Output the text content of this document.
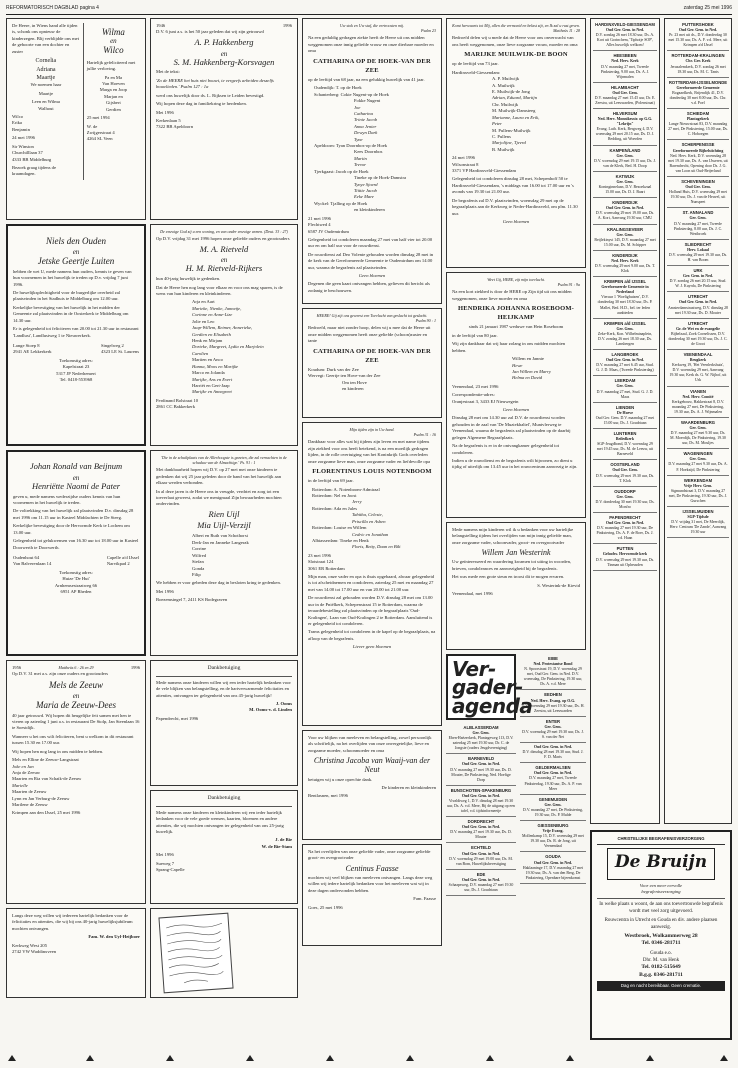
REFORMATORISCH DAGBLAD pagina 4	zaterdag 25 mei 1996

De Heere, in Wiens hand alle tijden is, schonk ons opnieuw de kinderzegen. Blij verblijdde ons met de geboorte van een dochter en zuster

Cornelia

Adriana

Maartje

We noemen haar

Maartje

Leen en Wilma

Walhout

Wilco

Erika

Benjamin

24 mei 1996

Sir Winston

Churchilllaan 37

4333 BB Middelburg

Bezoek graag tijdens de kraamdagen.

Wilma

en

Wilco

Hartelijk gefeliciteerd met jullie verloving.

Pa en Ma

Van Hoeven

Marga en Joop

Marjan en

Gijsbert

Gerdien

25 mei 1994

W. de

Zwijgerstraat 4

4264 SL Veen

Niels den Ouden

en

Jetske Geertje Luiten

hebben de wet U, mede namens hun ouders, kennis te geven van hun voornemen in het huwelijk te treden op D.v. vrijdag 7 juni 1996.

De huwelijksplechtigheid voor de burgerlijke overheid zal plaatsvinden in het Stadhuis te Middelburg om 12.00 uur.

Kerkelijke bevestiging van het huwelijk in het midden der Gemeente zal plaatsvinden in de Oosterkerk te Middelburg om 14.30 uur.

Er is gelegenheid tot feliciteren van 20.00 tot 21.30 uur in restaurant 'Landlust', Landlustweg 1 te Nieuwerkerk.

Lange Stoep 8

2941 AE Lekkerkerk

Singelweg 2

4323 LE St. Laurens

Toekomstig adres:

Kapelstraat 23

5317 JP Nederhemert

Tel. 0418-553968

Johan Ronald van Beijnum

en

Henriëtte Naomi de Pater

geven u, mede namens wederzijdse ouders kennis van hun voornemen in het huwelijk te treden.

De voltrekking van het huwelijk zal plaatsvinden D.v. dinsdag 28 mei 1996 om 11.15 uur in Kasteel Middachten te De Steeg.

Kerkelijke bevestiging door de Hervormde Kerk te Lochem om 13.00 uur.

Gelegenheid tot gelukwensen van 16.30 uur tot 18.00 uur in Kasteel Doorwerth te Doorwerth.

Oudenhout 64

Van Balverenlaan 14

Capelle a/d IJssel

Narvikpad 2

Toekomstig adres:

Huize 'De Hut'

Arnhemsestraatweg 66

6951 AP Rheden

1956	Mattheüs 6 : 26 en 29	1996

Op D.V. 31 mei a.s. zijn onze ouders en grootouders

Mels de Zeeuw

en

Maria de Zeeuw-Dees

40 jaar getrouwd. Wij hopen dit heugelijke feit samen met hen te vieren op zaterdag 1 juni a.s. in restaurant De Stolp, Jan Steenlaan 16 te Soestdijk.

Wanneer u het ons wilt feliciteren, bent u welkom in dit restaurant tussen 15.30 en 17.00 uur.

Wij hopen hen nog lang in ons midden te hebben.

Mels en Elline de Zeeuw-Langstraat

Joke en Jan

Anja de Zeeuw

Maarten en Ria van Schaik-de Zeeuw

Marielle

Maarten de Zeeuw

Lynn en Jan Verburg-de Zeeuw

Marilene de Zeeuw

Krimpen aan den IJssel, 25 mei 1996

Langs deze weg willen wij iedereen hartelijk bedanken voor de felicitaties en attenties, die wij bij ons 40-jarig huwelijksjubileum mochten ontvangen.

Fam. W. den Uyl-Heijboer

Kerkweg West 205

2742 VW Waddinxveen

1946	1996

D.V. 6 juni a.s. is het 50 jaar geleden dat wij zijn getrouwd

A. P. Hakkenberg

en

S. M. Hakkenberg-Korsvagen

Met de tekst:

'Zo de HEERE het huis niet bouwt, te vergeefs arbeiden deszelfs bouwlieden.' Psalm 127 : 1a

werd ons huwelijk door ds. L. Rijksen te Leiden bevestigd.

Wij hopen deze dag in familiekring te herdenken.

Mei 1996

Kerkenlaan 5

7322 BB Apeldoorn

De eeuwige God zij u een woning, en van onder eeuwige armen. (Deut. 33 : 27)

Op D.V. vrijdag 31 mei 1996 hopen onze geliefde ouders en grootouders

M. A. Rietveld

en

H. M. Rietveld-Rijkers

hun 40-jarig huwelijk te gedenken.

Dat de Heere hen nog lang voor elkaar en voor ons mag sparen, is de wens van hun kinderen en kleinkinderen.

Arja en Aart

Marieke, Nienke, Jannetje,

Corinne en Anne-Lize

Jolie en Leo

Jaap-Willem, Reimer, Annerieke,

Gerdien en Elisabeth

Henk en Mirjam

Dorieke, Margreet, Lydia en Marjolein

Carolien

Martien en Anco

Hanna, Moos en Marijke

Marco en Jolanda

Marijke, Ans en Evert

Harriët en Gert-Jaap

Marijke en Annegreet

Ferdinand Bolstraat 10

2861 CC Bakkerkerk

'Die in de schuilplaats van de Allerhoogste is gezeten, die zal vernachten in de schaduw van de Almachtige.' Ps. 91 : 1

Met dankbaarheid hopen wij D.V. op 27 mei met onze kinderen te gedenken dat wij 25 jaar geleden door de band van het huwelijk aan elkaar werden verbonden.

In al deze jaren is de Heere ons in vreugde, verdriet en zorg tot een toeverlaat geweest, zodat we menigmaal Zijn bewaarheden mochten ondervinden.

Rien Uijl

Mia Uijl-Verzijl

Albert en Ruth van Schothorst

Derk-Jan en Janneke Langerak

Corrine

Wilfred

Stefan

Gonda

Filip

We hebben er voor gebeden deze dag in besloten kring te gedenken.

Mei 1996

Boezemsingel 7, 2411 KS Bodegraven

Dankbetuiging

Mede namens onze kinderen willen wij een ieder hartelijk bedanken voor de vele blijken van belangstelling, en de hartverwarmende felicitaties en attenties, ontvangen ter gelegenheid van ons 45-jarig huwelijk!

J. Ooms

M. Ooms-v. d. Linden

Papendrecht, mei 1996

Dankbetuiging

Mede namens onze kinderen en kleinkinderen wij een ieder hartelijk bedanken voor de vele goede wensen, kaarten, bloemen en andere attenties, die wij mochten ontvangen ter gelegenheid van ons 25-jarig huwelijk.

J. de Bie

W. de Bie-Stam

Mei 1996

Sueweg 7

Sprang-Capelle

Uw stok en Uw staf, die vertroosten mij.

Psalm 23

Na een geduldig gedragen ziekte heeft de Heere uit ons midden weggenomen onze innig geliefde vrouw en onze dierbare moeder en oma

CATHARINA OP DE HOEK-VAN DER ZEE

op de leeftijd van 68 jaar, na een gelukkig huwelijk van 41 jaar.

Oudendijk: T. op de Hoek

Schanterberg: Cokie Nugent-op de Hoek

Fokke Nugent

Joe

Catharina

Trinie Jacob

Anna Jenter

Dewyn Dark

Tyne

Apeldoorn: Tyan Doornbos-op de Hoek

Kees Doornbos

Martin

Trevor

Tjerkgaast: Jacob op de Hoek

Tineke op de Hoek-Damstra

Tynye Sjoerd

Tiittie Jacob

Eeke Mare

Wyckel: Tjalling op de Hoek

en kleinkinderen

21 mei 1996

Flechtwed 4

6587 JV Oudemirdum

Gelegenheid tot condoleren maandag 27 mei van half vier tot 20.00 uur en om half uur voor de rouwdienst.

De rouwdienst zal Deo Volente gehouden worden dinsdag 28 mei in de kerk van de Gereformeerde Gemeente te Oudemirdum om 14.00 uur, waarna de begrafenis zal plaatsvinden.

Geen bloemen

Degenen die geen kaart ontvangen hebben, gelieven dit bericht als zodanig te beschouwen.

HEERE! Gij zijt ons geweest een Toevlucht van geslacht tot geslacht.

Psalm 90 : 1

Bedroefd, maar niet zonder hoop, delen wij u mee dat de Heere uit onze midden weggenomen heeft onze geliefde (schoon)zuster en tante

CATHARINA OP DE HOEK-VAN DER ZEE

Koudum: Durk van der Zee

Wervegt: Geertje ten Hove-van der Zee

Om ten Hove

en kinderen

Mijn tijden zijn in Uw hand.

Psalm 31 : 16

Dankbaar voor alles wat hij tijdens zijn leven en met name tijdens zijn ziekbed voor ons heeft betekend, is na een moeilijk gedragen lijden, in de rolle overtuiging van het Koninkrijk Gods overleden onze zorgzame lieve man, onze zorgzame vader en liefdevolle opa

FLORENTINUS LOUIS NOTENBOOM

in de leeftijd van 69 jaar.

Rotterdam: A. Notenboom-Admiraal

Rotterdam: Nel en Joost

Jerry

Rotterdam: Ada en Jules

Tabitha, Celeste,

Priscilla en Ashen

Rotterdam: Louise en Willem

Cedric en Jonathan

Albiasserdam: Tineke en Henk

Floris, Betty, Daan en Bilt

23 mei 1996

Slotstraat 124

3061 ER Rotterdam

Mijn man, onze vader en opa is thuis opgebaard, alwaar gelegenheid is tot afscheidnemen en condoleren, zaterdag 25 mei en maandag 27 mei van 14.00 tot 17.00 uur en van 20.00 tot 21.00 uur.

De rouwdienst zal gehouden worden D.V. dinsdag 28 mei om 13.00 uur in de Pniëlkerk, Schepenstraat 15 te Rotterdam, waarna de teraardebestelling zal plaatsvinden op de begraafplaats 'Oud-Kralingen', Laan van Oud-Kralingen 2 te Rotterdam. Aansluitend is er gelegenheid tot condoleren.

Trams gelegenheid tot condoleren in de kapel op de begraafplaats, na afloop van de begrafenis.

Liever geen bloemen

Voor uw blijken van meeleven en belangstelling, zowel persoonlijk als schriftelijk, na het overlijden van onze onvergetelijke, lieve en zorgzame moeder, schoonmoeder en oma

Christina Jacoba van Waaij-van der Neut

betuigen wij u onze oprechte dank.

De kinderen en kleinkinderen

Bentlasnen, mei 1996

Na het overlijden van onze geliefde vader, onze zorgzame geliefde groot- en overgrootvader

Centinus Faasse

mochten wij veel blijken van meeleven ontvangen. Langs deze weg willen wij iedere hartelijk bedanken voor het meeleven wat wij in deze dagen ondervonden hebben.

Fam. Faasse

Goes, 25 mei 1996

Komt herwaarts tot Mij, allen die vermoeid en belast zijt, en Ik zal u rust geven.

Mattheüs 11 : 28

Bedroefd delen wij u mede dat de Heere voor ons onverwacht van ons heeft weggenomen, onze lieve zorgzame vrouw, moeder en oma

MARIJKE MUILWIJK-DE BOON

op de leeftijd van 73 jaar.

Hardinxveld-Giessendam:

A. P. Muilwijk

A. Muilwijk

E. Muilwijk-de Jong

Adrian, Eduard, Martijn

Chr. Muilwijk

M. Muilwijk-Damsteeg

Marianne, Laura en Erik,

Peter

M. Pullens-Muilwijk

C. Pullens

Marjolijne, Tjeerd

B. Muilwijk

24 mei 1996

Wilsonstraat 8

3371 VP Hardinxveld-Giessendam

Gelegenheid tot condoleren dinsdag 28 mei, Schepenhoff 50 te Hardinxveld-Giessendam, 's middags van 16.00 tot 17.00 uur en 's avonds van 19.30 tot 21.00 uur.

De begrafenis zal D.V. plaatsvinden, woensdag 29 mei op de begraafplaats aan de Kerkweg te Neder-Hardinxveld, om plm. 11.30 uur.

Geen bloemen

Weet Gij, HERE, zijt mijn toevlucht.

Psalm 91 : 9a

Na een kort ziekbed is door de HERE op Zijn tijd uit ons midden weggenomen, onze lieve moeder en oma

HENDRIKA JOHANNA ROSEBOOM-HEIJKAMP

sinds 21 januari 1987 weduwe van Hein Roseboom

in de leeftijd van 80 jaar.

Wij zijn dankbaar dat wij haar zolang in ons midden mochten hebben.

Willem en Jannie

Hewe

Jan Willem en Marry

Helma en David

Veenendaal, 23 mei 1996

Correspondentie-adres:

Oranjestraat 3, 3433 EJ Nieuwegein

Geen bloemen

Dinsdag 28 mei om 14.30 uur zal D.V. de rouwdienst worden gehouden in de zaal van 'De Muziekhaltel', Muntvlerweg te Veenendaal, waarna de begrafenis zal plaatsvinden op de daarbij gelegen Algemene Begraafplaats.

Na de begrafenis is er in de ontvangkamer gelegenheid tot condoleren.

Indien u de rouwdienst en de begrafenis wilt bijwonen, zo dient u tijdig of uiterlijk om 13.45 uur in het rouwcentrum aanwezig te zijn.

Mede namens mijn kinderen wil ik u bedanken voor uw hartelijke belangstelling tijdens het overlijden van mijn innig geliefde man, onze zorgzame vader, schoonvader, groot- en overgrootvader

Willem Jan Westerink

Uw geïnteresseerd en waardering kwamen tot uiting in woorden, brieven, condoleances en aanwezigheid bij de begrafenis.

Het was mede een grote steun en troost dit te mogen ervaren.

S. Westerink-de Kievid

Veenendaal, mei 1996

Ver-
gader-
agenda
ALBLASSERDAM
Ger. Gem.
Eben-Haëzerkerk, Plantageweg 113, D.V. zaterdag 25 mei 19.30 uur, Dr. C. de Jongste (ouders Jeugdvereniging)
BARNEVELD
Oud Ger. Gem. in Ned.
D.V. maandag 27 mei 19.30 uur, Ds. D. Mouter, De Pinkstering, Ned. Hoefige Dorp
BUNSCHOTEN-SPAKENBURG
Oud Ger. Gem. in Ned.
Vivaldiweg 1, D.V. dinsdag 28 mei 19.30 uur, Ds. A. v.d. Mere, Bij de uitgang op een tafel, v.d. tijdsinformeetje
DORDRECHT
Oud Ger. Gem. in Ned.
D.V. maandag 27 mei 19.30 uur, Ds. D. Mouter
ECHTELD
Oud Ger. Gem. in Ned.
D.V. woensdag 29 mei 19.00 uur, Ds. M. van Bom, Huwelijksbevestiging
EDE
Oud Ger. Gem. in Ned.
Schaapsweg, D.V. maandag 27 mei 19.30 uur, Ds. J. Goudriaan
EIBE
Ned. Protestantse Bond
N. Spoorstraat 19, D.V. woensdag 29 mei, Oud Ger. Gem. in Ned. D.V. woensdag, De Pinkstering, 19.30 uur, Ds. A. v.d. Mere
EEDHEN
Ned. Herv. Evang. op O.G.
D.V. woensdag 29 mei 19.30 uur, Ds. H. Zeestra, uit Leeuwarden
ENTER
Ger. Gem.
D.V. woensdag 29 mei 19.30 uur, Ds. J. S. van der Net
Oud Ger. Gem. in Ned.
D.V. dinsdag 28 mei 19.30 uur, Stud. J. F. D. Maris
GELDERMALSEN
Oud Ger. Gem. in Ned.
D.V. maandag 27 mei, Tweede Pinksterdag, 19.30 uur, Ds. A. P. van Meer
GENEMUIDEN
Ger. Gem.
D.V. maandag 27 mei, De Pinkstering, 19.30 uur, Ds. P. Mulde
GIESSENBURG
Vrije Evang.
Mollenkamp 15, D.V. woensdag 29 mei 19.30 uur, Ds. R. de Jong, uit Veenendaal
GOUDA
Oud Ger. Gem. in Ned.
Haklaaninge 17, D.V. maandag 27 mei 19.30 uur, Ds. A. van den Berg, De Pinkstering, Openbare bijeenkomst
HARDINXVELD-GIESSENDAM
Oud Ger. Gem. in Ned.
D.V. zondag 26 mei 18.30 uur, Ds. A. Kort uit Gorinchem, 'Tiphotje SOP', Alles huwelijk welkom!
HEESBEEN
Ned. Herv. Kerk
D.V. maandag 27 mei, Tweede Pinksterdag, 9.00 uur, Ds. A. J. Wijnmalen
HILAMBACHT
Oud Ger. Gem.
D.V. maandag 27 mei 15.45 uur, Dr. E. Zeestra, uit Leeuwarden, (Polenstraat)
HILVERSUM
Ned. Herv. Monnikesstr. op G.G. "Lekrijn"
Evang. Luth. Kerk, Bergweg 4, D.V. woensdag 29 mei 20.15 uur, Ds. D. J. Redding, uit Woerden
KAMPEN/LAND
Ger. Gem.
D.V. woensdag 29 mei 19.15 uur, Ds. J. van de Klerk, Bed. H. Doop
KATWIJK
Ger. Gem.
Koninginnelaan, D.V. Bezoekzaal 15.00 uur, Ds. D. J. Baart
KINDERDIJK
Oud Ger. Gem. in Ned.
D.V. woensdag 29 mei 19.00 uur, Ds. A. Kort, Aanvang 19.30 uur, CMU
KRALINGSEVEER
Ger. Gem.
Beijlekinyst 145, D.V. maandag 27 mei 15.00 uur, Ds. M. Schipper
KINDERDIJK
Ned. Herv. Kerk
D.V. woensdag 29 mei 9.00 uur, Ds. T. Klok
KRIMPEN a/d IJSSEL
Gereformeerde Gemeente in Nederland
Vieruur 1 'Woelighuizen', D.V. donderdag 30 mei 18.30 uur, Ds. P. Mallet, Bed. H.D., bel. ter leden aanbieden
KRIMPEN a/d IJSSEL
Ger. Gem.
Zeke-Kerk, Kon. Wilhelminaplein, D.V. zondag 26 mei 18.30 uur, Ds. Lansbergen
LANGBROEK
Oud Ger. Gem. in Ned.
D.V. maandag 27 mei 6.45 uur, Stud. G. J. D. Maas, (Tweede Pinksterdag)
LEERDAM
Ger. Gem.
D.V. maandag 27 mei, Stud. G. J. D. Maas
LIENDEN
De Hoeve
Oud Ger. Gem. D.V. maandag 27 mei 15.00 uur, Ds. J. Goudriaan
LUNTEREN
Beiledkerk
SGP-Jeugdbond, D.V. woensdag 29 mei 19.45 uur, Ds. M. de Leeuw, uit Barneveld
OOSTERLAND
Oud Ger. Gem.
D.V. woensdag 29 mei 19.30 uur, Ds. T. Klok
OUDDORP
Ger. Gem.
D.V. donderdag 30 mei 19.30 uur, Ds. Monfro
PAPENDRECHT
Oud Ger. Gem. in Ned.
D.V. maandag 27 mei 19.30 uur, De Pinkstering, Ds. A. F. de Boer, Ds. J. v.d. Haan
PUTTEN
Geloofsv. Hervormde kerk
D.V. woensdag 29 mei 19.30 uur, Ds. Tinman uit Opheusden
PUTTERSHOEK
Oud Ger. Gem. in Ned.
Pr. 23 mei uit ds., D.V. donderdag 30 mei 15.30 uur, Ds. A. F. v.d. Mere, uit Krimpen a/d IJssel
ROTTERDAM-KRALINGEN
Chr. Ger. Kerk
Jerusalemkerk, D.V. zondag 26 mei 18.30 uur, Ds. M. C. Tanis
ROTTERDAM-IJSSELMONDE
Gereformeerde Gemeente
Bogaardkerk, Brijendijk 41, D.V. donderdag 30 mei 8.00 uur, Ds. Chr. v.d. Poel
SCHIEDAM
Plantagekerk
Lange Nieuwstraat 83, D.V. maandag 27 mei, De Pinkstering, 15.00 uur, Ds. C. Hoboegen
SCHERPENISSE
Gereformeerde Bijbelstichting
Ned. Herv. Kerk, D.V. woensdag 28 mei 19.30 uur, Ds. A. van IJsseren, uit Barendrecht, Opening door Ds. J. G. van Loon uit Oud-Beijerland
SCHEVENINGEN
Oud Ger. Gem.
Holland Huis, D.V. woensdag 29 mei 19.30 uur, Ds. J. van de Heuvel, uit Nunspeet
ST. ANNALAND
Ger. Gem.
D.V. maandag 27 mei, Tweede Pinksterdag, 8.00 uur, Ds. J. C. Westbroek
SLIEDRECHT
Herv. Lokaal
D.V. woensdag 29 mei 19.30 uur, Ds. H. van Boom
URK
Ger. Gem. in Ned.
D.V. zondag 26 mei 20.15 uur, Stud. W. J. Kuyrda, De Pinkstering
UTRECHT
Oud Ger. Gem. in Ned.
Amsterdamstraatweg, D.V. dinsdag 28 mei 19.30 uur, Ds. D. Mouter
UTRECHT
Gr. de Wet en de evangelie
Bijbelzaal, Zoek Cornelissen, D.V. donderdag 30 mei 19.30 uur, Ds. J. C. de Groot
VEENENDAAL
Brugkerk
Kerkweg 19, 'Het Veenlerkshuiz', D.V. woensdag 29 mei, Aanvang 19.30 uur, Kerk ds. G. W. Nijhof, uit Urk
VIANEN
Ned. Herv. Comité
Kerkgebouw, Hakkestraat 8, D.V. maandag 27 mei, De Pinkstering, 19.30 uur, Ds. A. J. Wijnmalen
WAARDENBURG
Ger. Gem.
D.V. maandag 27 mei 9.30 uur, Ds. M. Moerdijk, De Pinkstering, 19.30 uur, Ds. M. Mouljes
WAGENINGEN
Ger. Gem.
D.V. maandag 27 mei 9.30 uur, Ds. A. F. Hoekzijd, De Pinkstering
WERKENDAM
Vrije Herv. Gem.
Sigmundstraat 3, D.V. maandag 27 mei, De Pinkstering, 19.30 uur, Ds. J. Gurschen
IJSSELMUIDEN
SGP-Tijdsde
D.V. vrijdag 31 mei, De Meerdijk, Herv. Centrum 'De Zande', Aanvang 19.30 uur

CHRISTELIJKE BEGRAFENISVERZORGING

De Bruijn

Voor een meer eervolle

begrafenisverzorging

In welke plaats u woont, de aan ons toevertrouwde begrafenis wordt met veel zorg uitgevoerd.

Rouwcentra in Utrecht en Gouda en div. andere plaatsen aanwezig.

Westbroek, Wolkammerweg 28

Tel. 0346-281711

Gouda e.o.

Dhr. M. van Henk

Tel. 0182-515649

B.g.g. 0346-281711

Dag en nacht bereikbaar. Geen crematie.
